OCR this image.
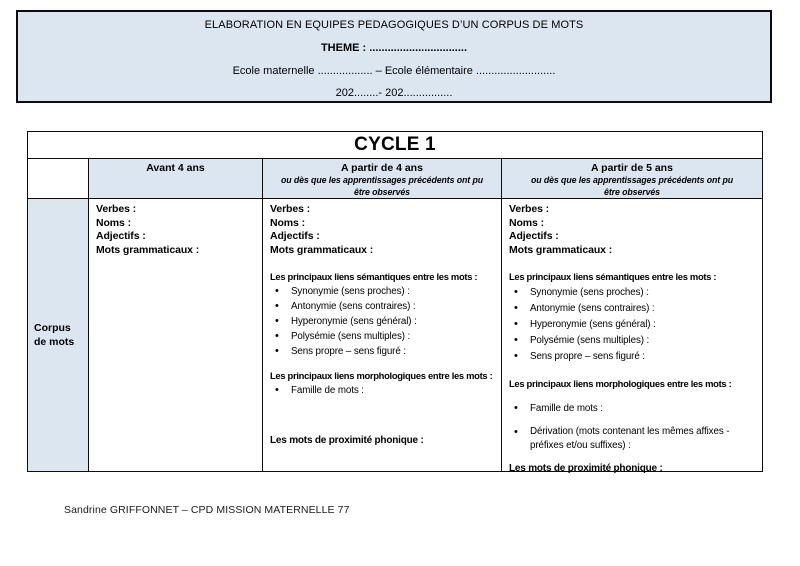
ELABORATION EN EQUIPES PEDAGOGIQUES D’UN CORPUS DE MOTS
THEME : ................................
Ecole maternelle .................. – Ecole élémentaire ..........................
202........- 202................
CYCLE 1
Avant 4 ans	A partir de 4 ans
ou dès que les apprentissages précédents ont pu
être observés
A partir de 5 ans
ou dès que les apprentissages précédents ont pu
être observés
Corpus de mots
Verbes :
Noms :
Adjectifs :
Mots grammaticaux :
Verbes :
Noms :
Adjectifs :
Mots grammaticaux :
Les principaux liens sémantiques entre les mots :
• Synonymie (sens proches) :
• Antonymie (sens contraires) :
• Hyperonymie (sens général) :
• Polysémie (sens multiples) :
• Sens propre – sens figuré :
Les principaux liens morphologiques entre les mots :
• Famille de mots :
Les mots de proximité phonique :
Verbes :
Noms :
Adjectifs :
Mots grammaticaux :
Les principaux liens sémantiques entre les mots :
• Synonymie (sens proches) :
• Antonymie (sens contraires) :
• Hyperonymie (sens général) :
• Polysémie (sens multiples) :
• Sens propre – sens figuré :
Les principaux liens morphologiques entre les mots :
• Famille de mots :
• Dérivation (mots contenant les mêmes affixes - préfixes et/ou suffixes) :
Les mots de proximité phonique :
Sandrine GRIFFONNET – CPD MISSION MATERNELLE 77
